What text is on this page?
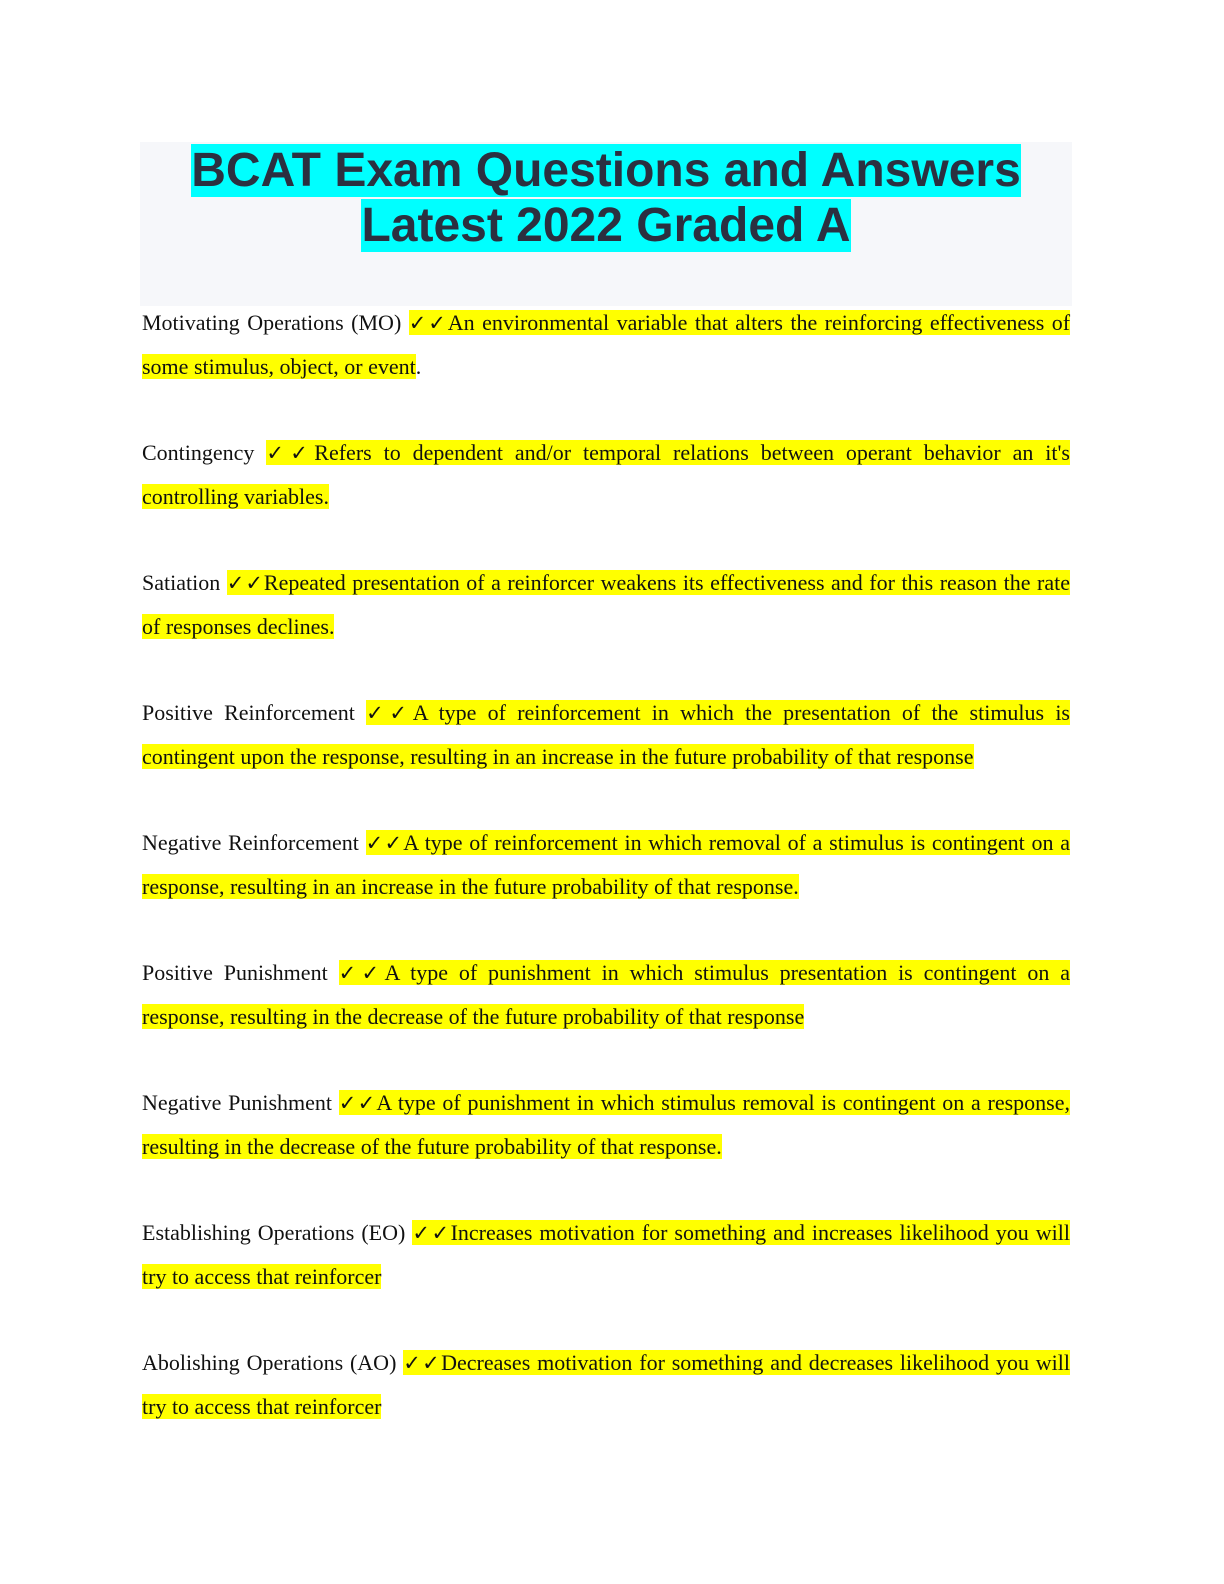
BCAT Exam Questions and Answers
Latest 2022 Graded A

Motivating Operations (MO) ✓✓An environmental variable that alters the reinforcing effectiveness of some stimulus, object, or event.

Contingency ✓✓Refers to dependent and/or temporal relations between operant behavior an it's controlling variables.

Satiation ✓✓Repeated presentation of a reinforcer weakens its effectiveness and for this reason the rate of responses declines.

Positive Reinforcement ✓✓A type of reinforcement in which the presentation of the stimulus is contingent upon the response, resulting in an increase in the future probability of that response

Negative Reinforcement ✓✓A type of reinforcement in which removal of a stimulus is contingent on a response, resulting in an increase in the future probability of that response.

Positive Punishment ✓✓A type of punishment in which stimulus presentation is contingent on a response, resulting in the decrease of the future probability of that response

Negative Punishment ✓✓A type of punishment in which stimulus removal is contingent on a response, resulting in the decrease of the future probability of that response.

Establishing Operations (EO) ✓✓Increases motivation for something and increases likelihood you will try to access that reinforcer

Abolishing Operations (AO) ✓✓Decreases motivation for something and decreases likelihood you will try to access that reinforcer
